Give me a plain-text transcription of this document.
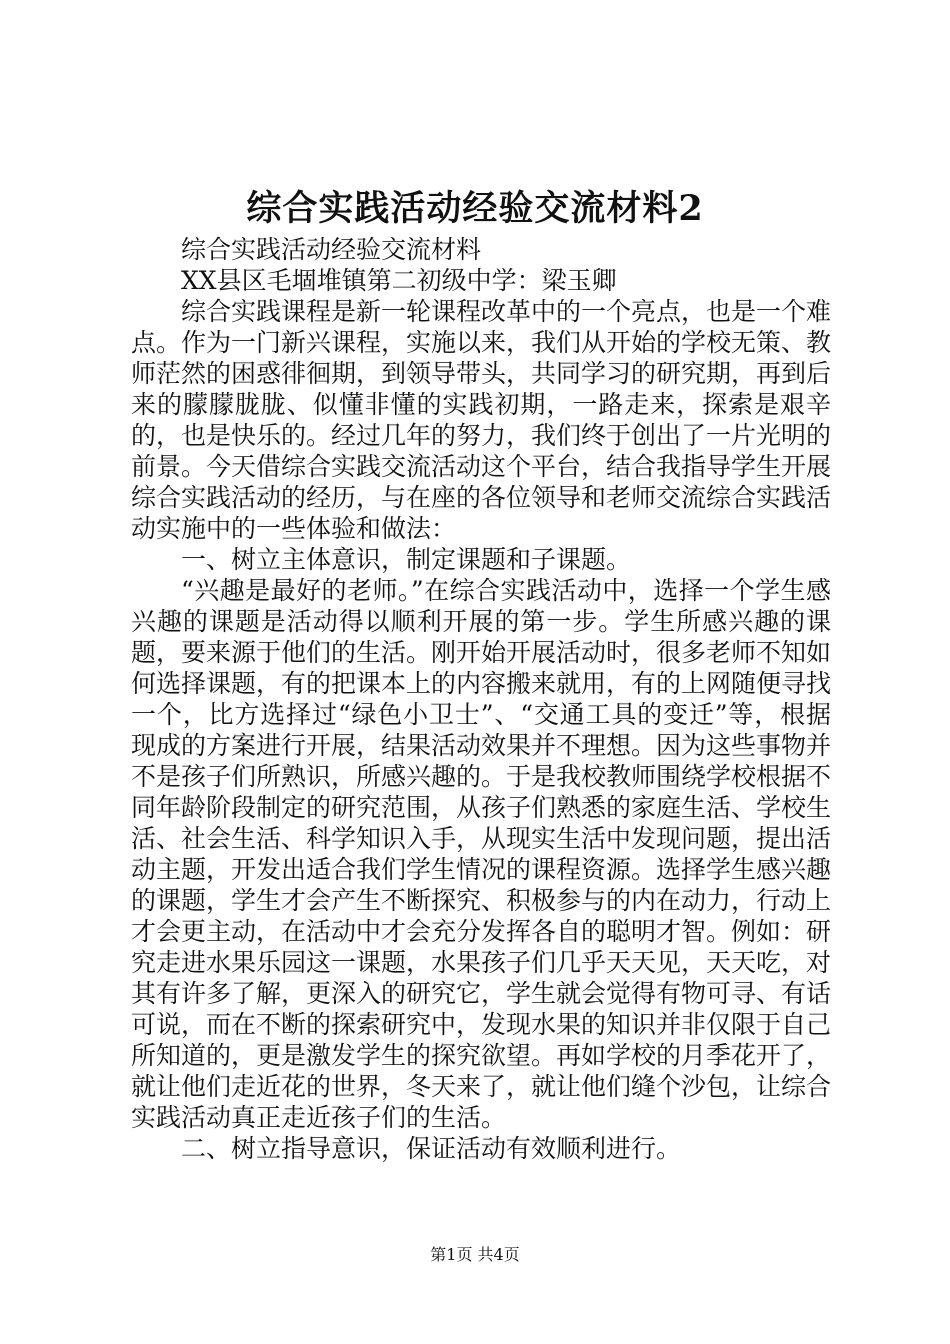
综合实践活动经验交流材料2

综合实践活动经验交流材料

XX县区毛堌堆镇第二初级中学：梁玉卿

综合实践课程是新一轮课程改革中的一个亮点，也是一个难点。作为一门新兴课程，实施以来，我们从开始的学校无策、教师茫然的困惑徘徊期，到领导带头，共同学习的研究期，再到后来的朦朦胧胧、似懂非懂的实践初期，一路走来，探索是艰辛的，也是快乐的。经过几年的努力，我们终于创出了一片光明的前景。今天借综合实践交流活动这个平台，结合我指导学生开展综合实践活动的经历，与在座的各位领导和老师交流综合实践活动实施中的一些体验和做法：

一、树立主体意识，制定课题和子课题。

“兴趣是最好的老师。”在综合实践活动中，选择一个学生感兴趣的课题是活动得以顺利开展的第一步。学生所感兴趣的课题，要来源于他们的生活。刚开始开展活动时，很多老师不知如何选择课题，有的把课本上的内容搬来就用，有的上网随便寻找一个，比方选择过“绿色小卫士”、“交通工具的变迁”等，根据现成的方案进行开展，结果活动效果并不理想。因为这些事物并不是孩子们所熟识，所感兴趣的。于是我校教师围绕学校根据不同年龄阶段制定的研究范围，从孩子们熟悉的家庭生活、学校生活、社会生活、科学知识入手，从现实生活中发现问题，提出活动主题，开发出适合我们学生情况的课程资源。选择学生感兴趣的课题，学生才会产生不断探究、积极参与的内在动力，行动上才会更主动，在活动中才会充分发挥各自的聪明才智。例如：研究走进水果乐园这一课题，水果孩子们几乎天天见，天天吃，对其有许多了解，更深入的研究它，学生就会觉得有物可寻、有话可说，而在不断的探索研究中，发现水果的知识并非仅限于自己所知道的，更是激发学生的探究欲望。再如学校的月季花开了，就让他们走近花的世界，冬天来了，就让他们缝个沙包，让综合实践活动真正走近孩子们的生活。

二、树立指导意识，保证活动有效顺利进行。

第1页 共4页
